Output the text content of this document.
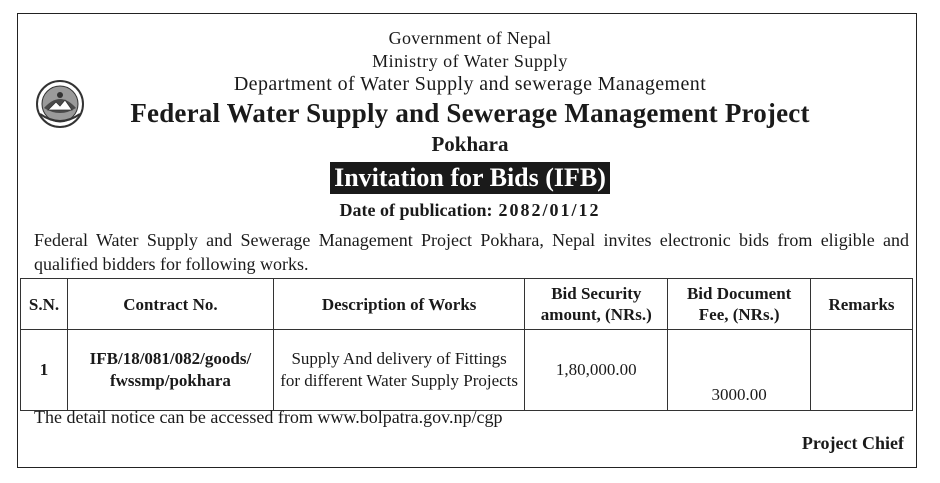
Government of Nepal
Ministry of Water Supply
Department of Water Supply and sewerage Management
Federal Water Supply and Sewerage Management Project
Pokhara
Invitation for Bids (IFB)
Date of publication: 2082/01/12
Federal Water Supply and Sewerage Management Project Pokhara, Nepal invites electronic bids from eligible and qualified bidders for following works.
S.N.	Contract No.	Description of Works	Bid Security amount, (NRs.)	Bid Document Fee, (NRs.)	Remarks
1	IFB/18/081/082/goods/ fwssmp/pokhara	Supply And delivery of Fittings for different Water Supply Projects	1,80,000.00	3000.00	
The detail notice can be accessed from www.bolpatra.gov.np/cgp
Project Chief
